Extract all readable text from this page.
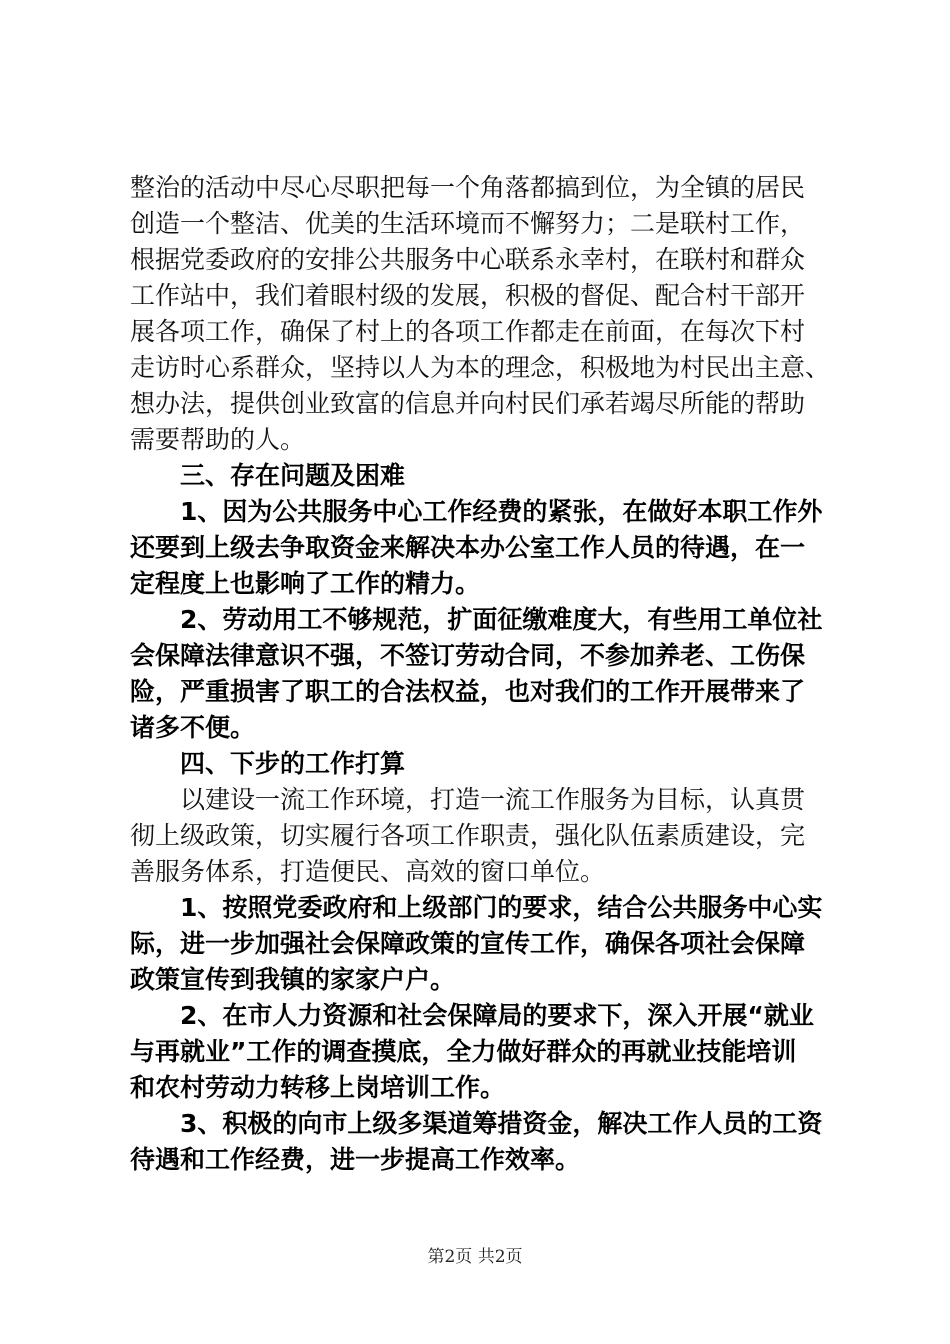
整治的活动中尽心尽职把每一个角落都搞到位，为全镇的居民
创造一个整洁、优美的生活环境而不懈努力；二是联村工作，
根据党委政府的安排公共服务中心联系永幸村，在联村和群众
工作站中，我们着眼村级的发展，积极的督促、配合村干部开
展各项工作，确保了村上的各项工作都走在前面，在每次下村
走访时心系群众，坚持以人为本的理念，积极地为村民出主意、
想办法，提供创业致富的信息并向村民们承若竭尽所能的帮助
需要帮助的人。
三、存在问题及困难
1、因为公共服务中心工作经费的紧张，在做好本职工作外
还要到上级去争取资金来解决本办公室工作人员的待遇，在一
定程度上也影响了工作的精力。
2、劳动用工不够规范，扩面征缴难度大，有些用工单位社
会保障法律意识不强，不签订劳动合同，不参加养老、工伤保
险，严重损害了职工的合法权益，也对我们的工作开展带来了
诸多不便。
四、下步的工作打算
以建设一流工作环境，打造一流工作服务为目标，认真贯
彻上级政策，切实履行各项工作职责，强化队伍素质建设，完
善服务体系，打造便民、高效的窗口单位。
1、按照党委政府和上级部门的要求，结合公共服务中心实
际，进一步加强社会保障政策的宣传工作，确保各项社会保障
政策宣传到我镇的家家户户。
2、在市人力资源和社会保障局的要求下，深入开展“就业
与再就业”工作的调查摸底，全力做好群众的再就业技能培训
和农村劳动力转移上岗培训工作。
3、积极的向市上级多渠道筹措资金，解决工作人员的工资
待遇和工作经费，进一步提高工作效率。
第2页 共2页
